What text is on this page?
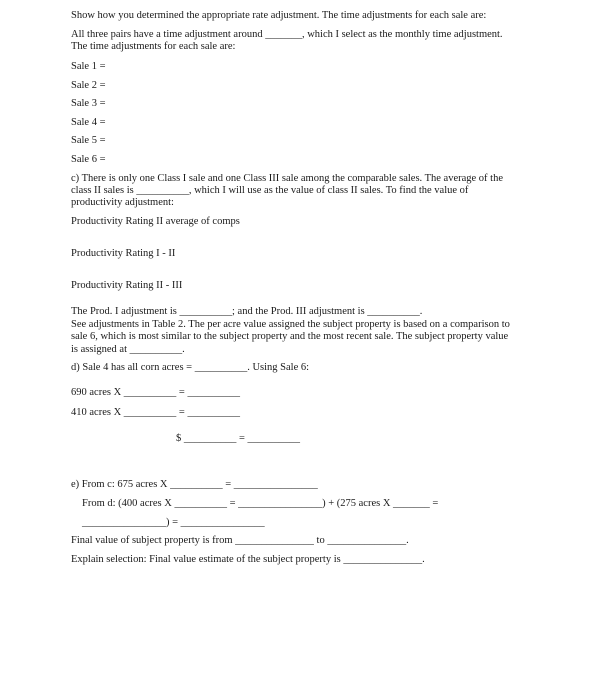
Show how you determined the appropriate rate adjustment. The time adjustments for each sale are:
All three pairs have a time adjustment around _______, which I select as the monthly time adjustment.
The time adjustments for each sale are:
Sale 1 =
Sale 2 =
Sale 3 =
Sale 4 =
Sale 5 =
Sale 6 =
c) There is only one Class I sale and one Class III sale among the comparable sales. The average of the
class II sales is __________, which I will use as the value of class II sales. To find the value of
productivity adjustment:
Productivity Rating II average of comps
Productivity Rating I - II
Productivity Rating II - III
The Prod. I adjustment is __________; and the Prod. III adjustment is __________.
See adjustments in Table 2. The per acre value assigned the subject property is based on a comparison to
sale 6, which is most similar to the subject property and the most recent sale. The subject property value
is assigned at __________.
d) Sale 4 has all corn acres = __________. Using Sale 6:
690 acres X __________ = __________
410 acres X __________ = __________
$ __________ = __________
e) From c: 675 acres X __________ = ________________
From d: (400 acres X __________ = ________________) + (275 acres X _______ =
________________) = ________________
Final value of subject property is from _______________ to _______________.
Explain selection: Final value estimate of the subject property is _______________.
